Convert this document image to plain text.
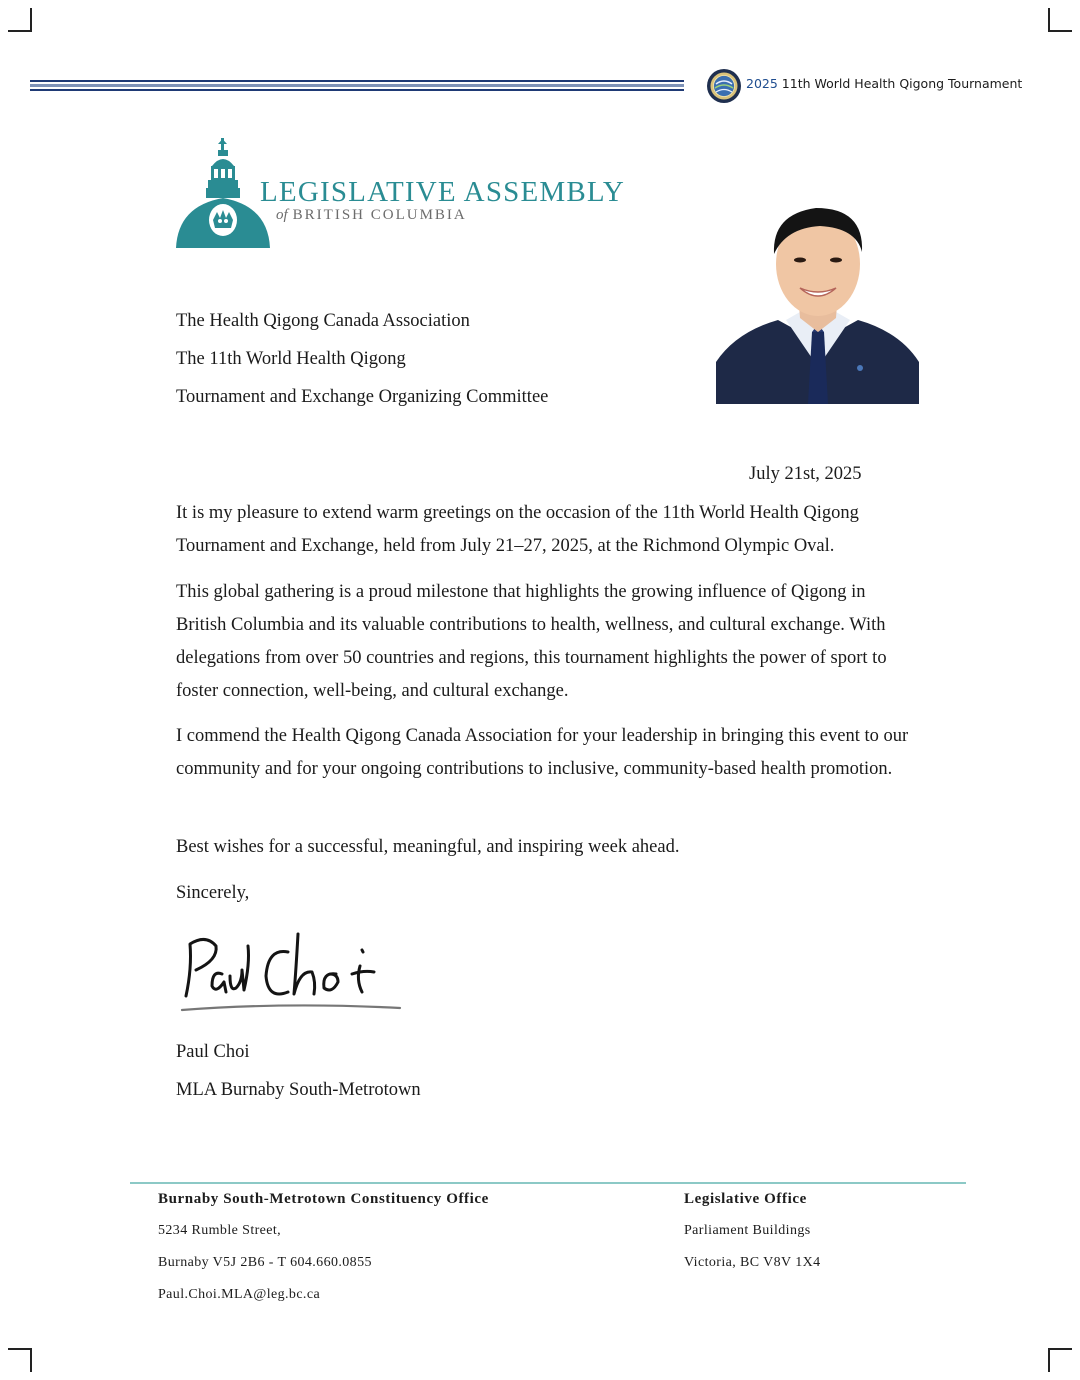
2025 11th World Health Qigong Tournament
LEGISLATIVE ASSEMBLY
of BRITISH COLUMBIA
The Health Qigong Canada Association
The 11th World Health Qigong
Tournament and Exchange Organizing Committee
July 21st, 2025

It is my pleasure to extend warm greetings on the occasion of the 11th World Health Qigong Tournament and Exchange, held from July 21–27, 2025, at the Richmond Olympic Oval.

This global gathering is a proud milestone that highlights the growing influence of Qigong in British Columbia and its valuable contributions to health, wellness, and cultural exchange. With delegations from over 50 countries and regions, this tournament highlights the power of sport to foster connection, well-being, and cultural exchange.

I commend the Health Qigong Canada Association for your leadership in bringing this event to our community and for your ongoing contributions to inclusive, community-based health promotion.

Best wishes for a successful, meaningful, and inspiring week ahead.

Sincerely,

Paul Choi
MLA Burnaby South-Metrotown
Burnaby South-Metrotown Constituency Office
5234 Rumble Street,
Burnaby V5J 2B6 - T 604.660.0855
Paul.Choi.MLA@leg.bc.ca
Legislative Office
Parliament Buildings
Victoria, BC V8V 1X4
